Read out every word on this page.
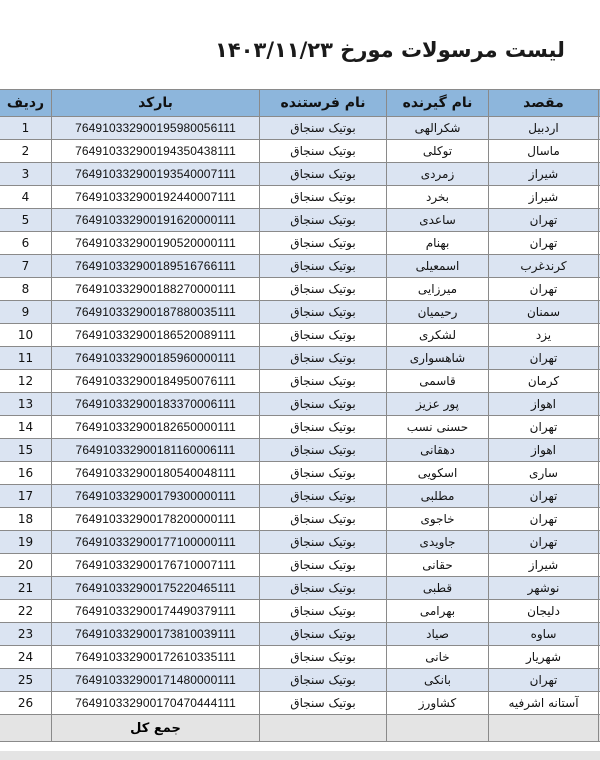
لیست مرسولات مورخ ۱۴۰۳/۱۱/۲۳
ردیف	بارکد	نام فرستنده	نام گیرنده	مقصد	
1	764910332900195980056111	بوتیک سنجاق	شکرالهی	اردبیل	
2	764910332900194350438111	بوتیک سنجاق	توکلی	ماسال	
3	764910332900193540007111	بوتیک سنجاق	زمردی	شیراز	
4	764910332900192440007111	بوتیک سنجاق	بخرد	شیراز	
5	764910332900191620000111	بوتیک سنجاق	ساعدی	تهران	
6	764910332900190520000111	بوتیک سنجاق	بهنام	تهران	
7	764910332900189516766111	بوتیک سنجاق	اسمعیلی	کرندغرب	
8	764910332900188270000111	بوتیک سنجاق	میرزایی	تهران	
9	764910332900187880035111	بوتیک سنجاق	رحیمیان	سمنان	
10	764910332900186520089111	بوتیک سنجاق	لشکری	یزد	
11	764910332900185960000111	بوتیک سنجاق	شاهسواری	تهران	
12	764910332900184950076111	بوتیک سنجاق	قاسمی	کرمان	
13	764910332900183370006111	بوتیک سنجاق	پور عزیز	اهواز	
14	764910332900182650000111	بوتیک سنجاق	حسنی نسب	تهران	
15	764910332900181160006111	بوتیک سنجاق	دهقانی	اهواز	
16	764910332900180540048111	بوتیک سنجاق	اسکویی	ساری	
17	764910332900179300000111	بوتیک سنجاق	مطلبی	تهران	
18	764910332900178200000111	بوتیک سنجاق	خاجوی	تهران	
19	764910332900177100000111	بوتیک سنجاق	جاویدی	تهران	
20	764910332900176710007111	بوتیک سنجاق	حقانی	شیراز	
21	764910332900175220465111	بوتیک سنجاق	قطبی	نوشهر	
22	764910332900174490379111	بوتیک سنجاق	بهرامی	دلیجان	
23	764910332900173810039111	بوتیک سنجاق	صیاد	ساوه	
24	764910332900172610335111	بوتیک سنجاق	خانی	شهریار	
25	764910332900171480000111	بوتیک سنجاق	بانکی	تهران	
26	764910332900170470444111	بوتیک سنجاق	کشاورز	آستانه اشرفیه	
	جمع کل				
